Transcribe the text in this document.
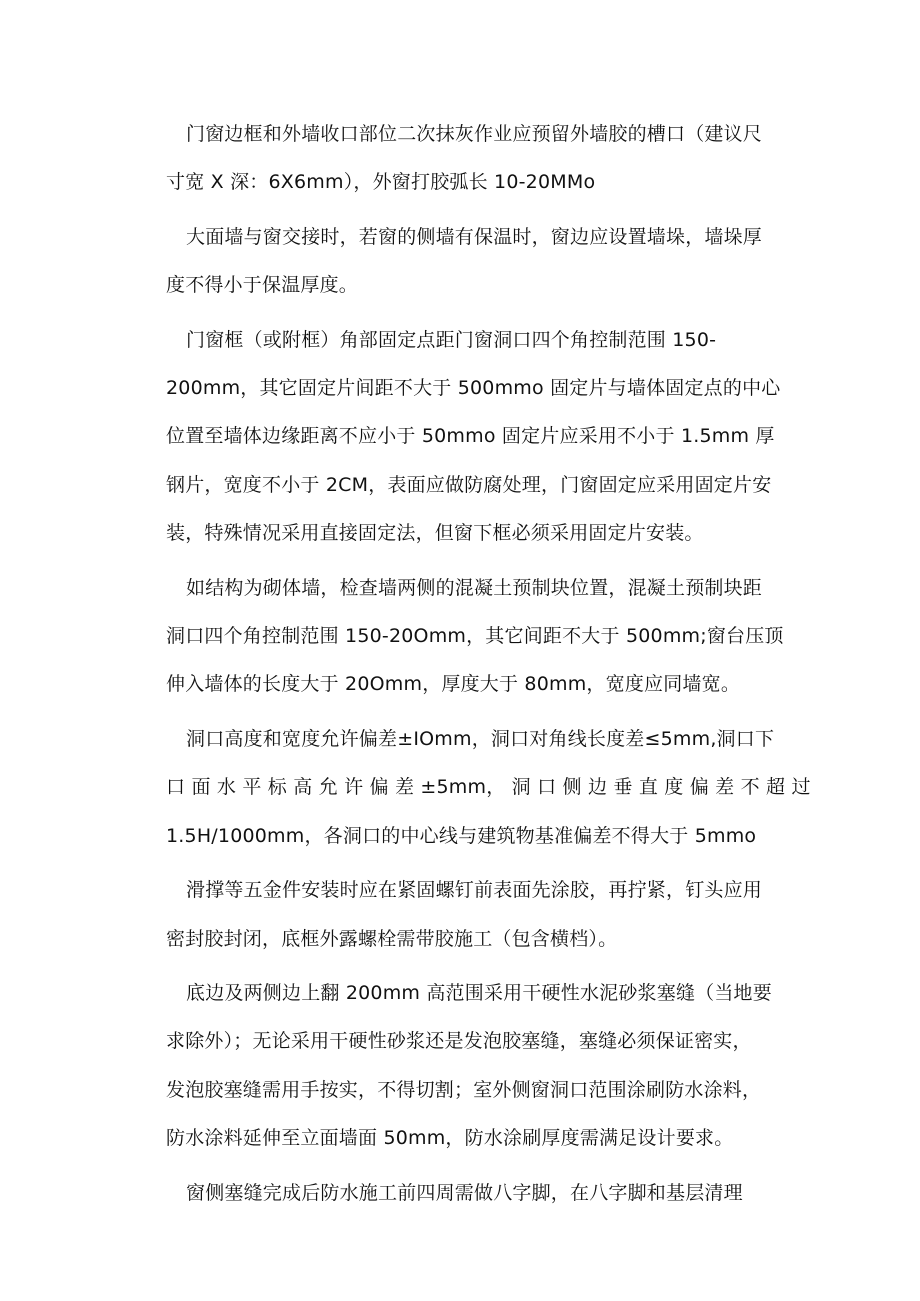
门窗边框和外墙收口部位二次抹灰作业应预留外墙胶的槽口（建议尺
寸宽 X 深：6X6mm），外窗打胶弧长 10-20MMo

大面墙与窗交接时，若窗的侧墙有保温时，窗边应设置墙垛，墙垛厚
度不得小于保温厚度。

门窗框（或附框）角部固定点距门窗洞口四个角控制范围 150-
200mm，其它固定片间距不大于 500mmo 固定片与墙体固定点的中心
位置至墙体边缘距离不应小于 50mmo 固定片应采用不小于 1.5mm 厚
钢片，宽度不小于 2CM，表面应做防腐处理，门窗固定应采用固定片安
装，特殊情况采用直接固定法，但窗下框必须采用固定片安装。

如结构为砌体墙，检查墙两侧的混凝土预制块位置，混凝土预制块距
洞口四个角控制范围 150-20Omm，其它间距不大于 500mm;窗台压顶
伸入墙体的长度大于 20Omm，厚度大于 80mm，宽度应同墙宽。

洞口高度和宽度允许偏差±IOmm，洞口对角线长度差≤5mm,洞口下
口 面 水 平 标 高 允 许 偏 差 ±5mm， 洞 口 侧 边 垂 直 度 偏 差 不 超 过
1.5H/1000mm，各洞口的中心线与建筑物基准偏差不得大于 5mmo

滑撑等五金件安装时应在紧固螺钉前表面先涂胶，再拧紧，钉头应用
密封胶封闭，底框外露螺栓需带胶施工（包含横档）。

底边及两侧边上翻 200mm 高范围采用干硬性水泥砂浆塞缝（当地要
求除外）；无论采用干硬性砂浆还是发泡胶塞缝，塞缝必须保证密实，
发泡胶塞缝需用手按实，不得切割；室外侧窗洞口范围涂刷防水涂料，
防水涂料延伸至立面墙面 50mm，防水涂刷厚度需满足设计要求。

窗侧塞缝完成后防水施工前四周需做八字脚，在八字脚和基层清理
